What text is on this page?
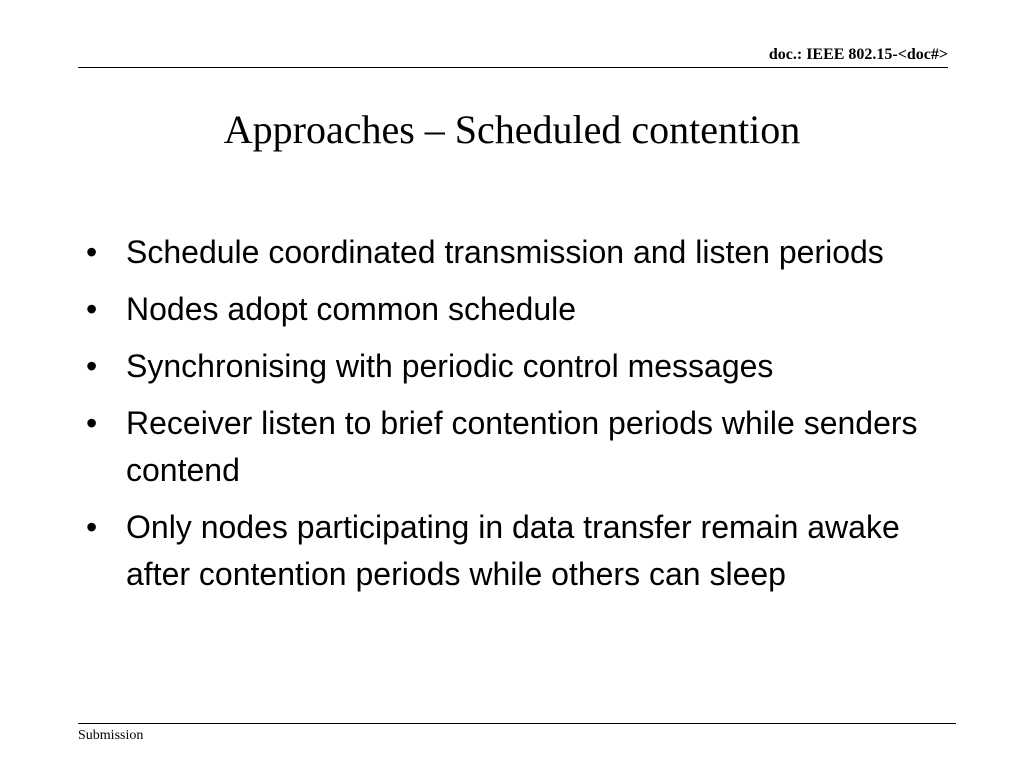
doc.: IEEE 802.15-<doc#>
Approaches – Scheduled contention
• Schedule coordinated transmission and listen periods
• Nodes adopt common schedule
• Synchronising with periodic control messages
• Receiver listen to brief contention periods while senders contend
• Only nodes participating in data transfer remain awake after contention periods while others can sleep
Submission
